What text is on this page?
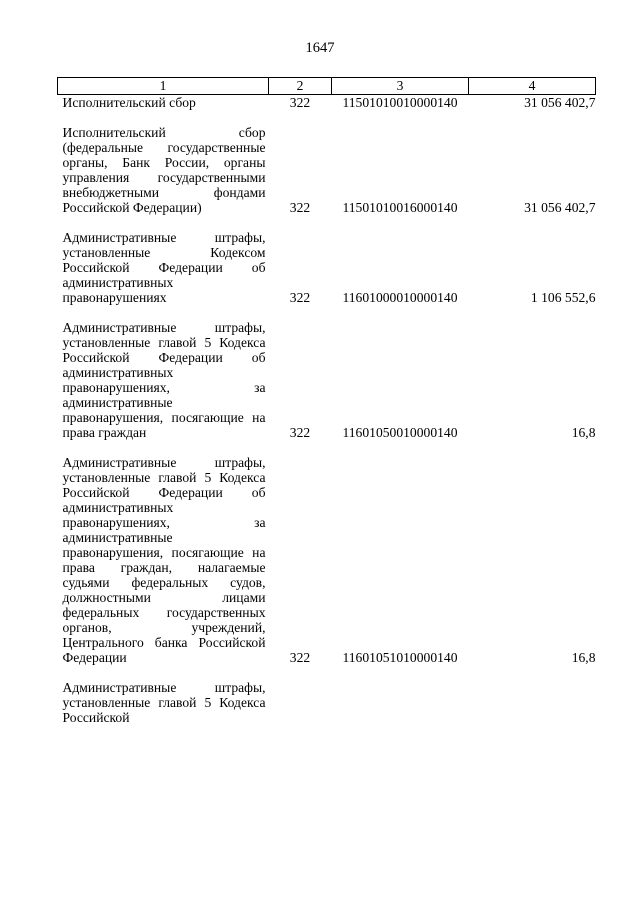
1647
1	2	3	4
Исполнительский сбор	322	11501010010000140	31 056 402,7

Исполнительский сбор (федеральные государственные органы, Банк России, органы управления государственными внебюджетными фондами Российской Федерации)	322	11501010016000140	31 056 402,7

Административные штрафы, установленные Кодексом Российской Федерации об административных правонарушениях	322	11601000010000140	1 106 552,6

Административные штрафы, установленные главой 5 Кодекса Российской Федерации об административных правонарушениях, за административные правонарушения, посягающие на права граждан	322	11601050010000140	16,8

Административные штрафы, установленные главой 5 Кодекса Российской Федерации об административных правонарушениях, за административные правонарушения, посягающие на права граждан, налагаемые судьями федеральных судов, должностными лицами федеральных государственных органов, учреждений, Центрального банка Российской Федерации	322	11601051010000140	16,8

Административные штрафы, установленные главой 5 Кодекса Российской			
